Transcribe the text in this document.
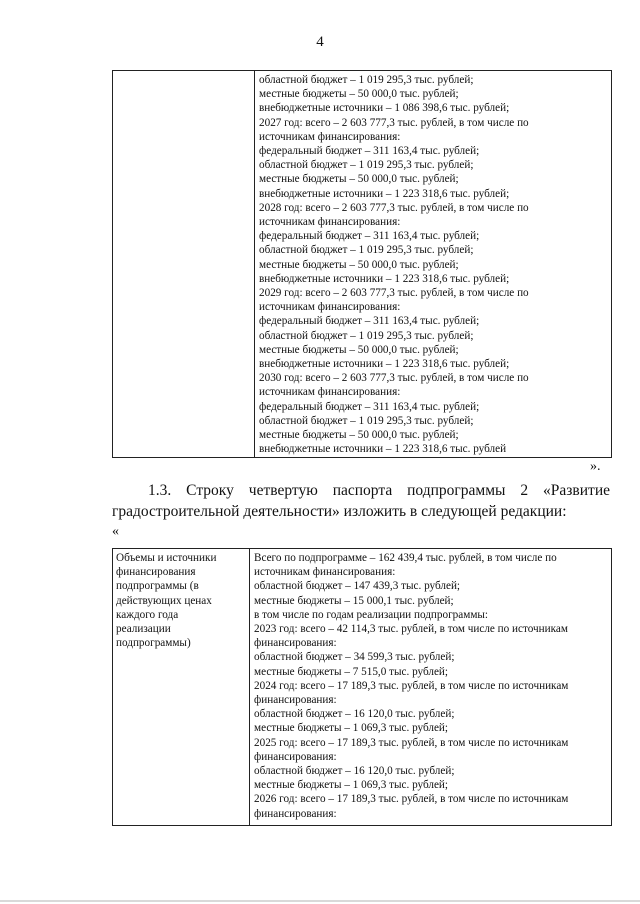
4
областной бюджет – 1 019 295,3 тыс. рублей;
местные бюджеты – 50 000,0 тыс. рублей;
внебюджетные источники – 1 086 398,6 тыс. рублей;
2027 год: всего – 2 603 777,3 тыс. рублей, в том числе по
источникам финансирования:
федеральный бюджет – 311 163,4 тыс. рублей;
областной бюджет – 1 019 295,3 тыс. рублей;
местные бюджеты – 50 000,0 тыс. рублей;
внебюджетные источники – 1 223 318,6 тыс. рублей;
2028 год: всего – 2 603 777,3 тыс. рублей, в том числе по
источникам финансирования:
федеральный бюджет – 311 163,4 тыс. рублей;
областной бюджет – 1 019 295,3 тыс. рублей;
местные бюджеты – 50 000,0 тыс. рублей;
внебюджетные источники – 1 223 318,6 тыс. рублей;
2029 год: всего – 2 603 777,3 тыс. рублей, в том числе по
источникам финансирования:
федеральный бюджет – 311 163,4 тыс. рублей;
областной бюджет – 1 019 295,3 тыс. рублей;
местные бюджеты – 50 000,0 тыс. рублей;
внебюджетные источники – 1 223 318,6 тыс. рублей;
2030 год: всего – 2 603 777,3 тыс. рублей, в том числе по
источникам финансирования:
федеральный бюджет – 311 163,4 тыс. рублей;
областной бюджет – 1 019 295,3 тыс. рублей;
местные бюджеты – 50 000,0 тыс. рублей;
внебюджетные источники – 1 223 318,6 тыс. рублей
».
1.3. Строку четвертую паспорта подпрограммы 2 «Развитие
градостроительной деятельности» изложить в следующей редакции:
«
Объемы и источники
финансирования
подпрограммы (в
действующих ценах
каждого года
реализации
подпрограммы)
Всего по подпрограмме – 162 439,4 тыс. рублей, в том числе по
источникам финансирования:
областной бюджет – 147 439,3 тыс. рублей;
местные бюджеты – 15 000,1 тыс. рублей;
в том числе по годам реализации подпрограммы:
2023 год: всего – 42 114,3 тыс. рублей, в том числе по источникам
финансирования:
областной бюджет – 34 599,3 тыс. рублей;
местные бюджеты – 7 515,0 тыс. рублей;
2024 год: всего – 17 189,3 тыс. рублей, в том числе по источникам
финансирования:
областной бюджет – 16 120,0 тыс. рублей;
местные бюджеты – 1 069,3 тыс. рублей;
2025 год: всего – 17 189,3 тыс. рублей, в том числе по источникам
финансирования:
областной бюджет – 16 120,0 тыс. рублей;
местные бюджеты – 1 069,3 тыс. рублей;
2026 год: всего – 17 189,3 тыс. рублей, в том числе по источникам
финансирования:
